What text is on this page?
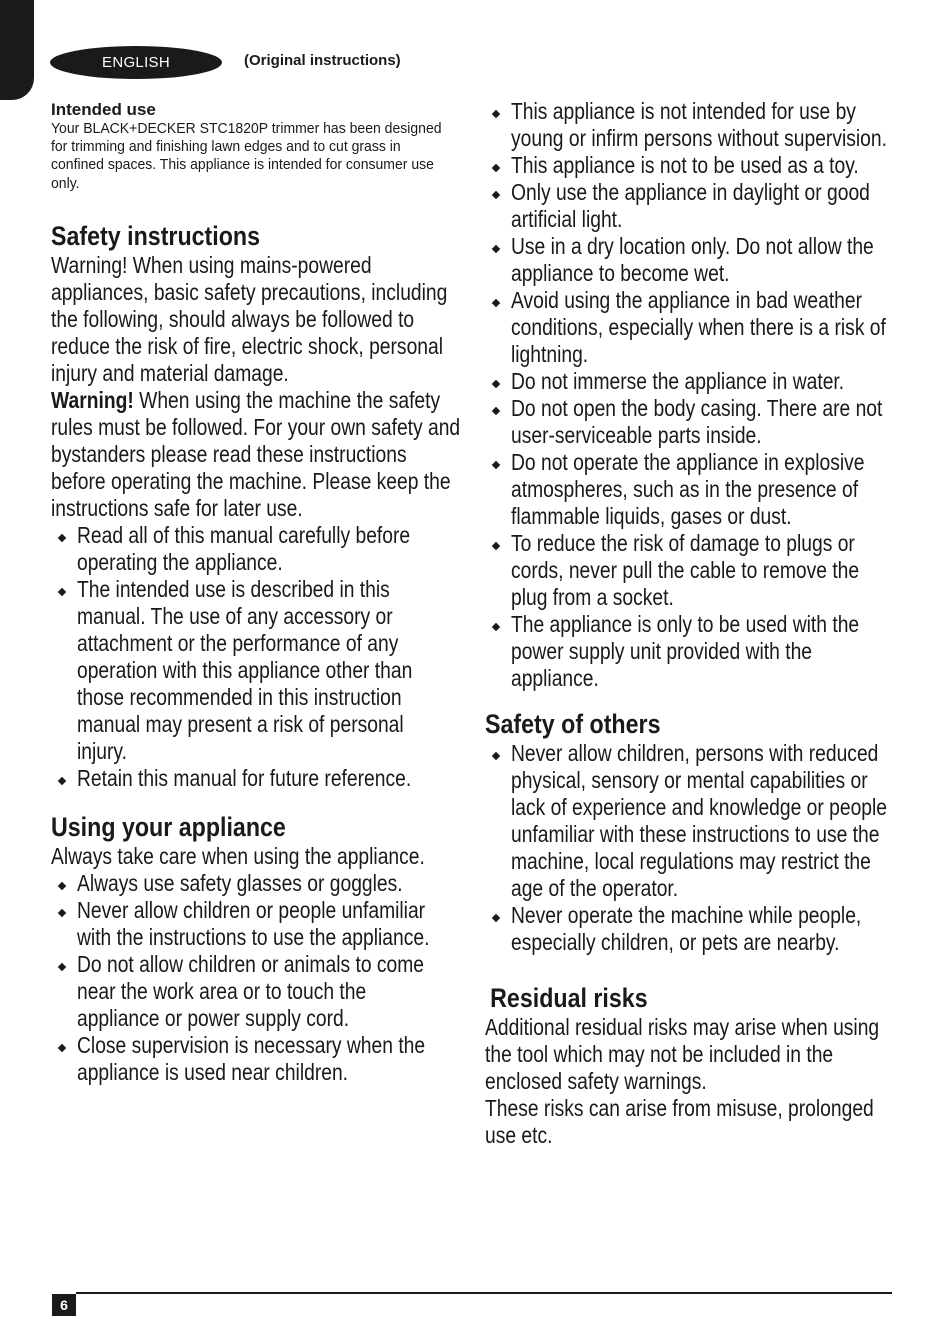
ENGLISH	(Original instructions)
Intended use
Your BLACK+DECKER STC1820P trimmer has been designed for trimming and finishing lawn edges and to cut grass in confined spaces. This appliance is intended for consumer use only.
Safety instructions
Warning! When using mains-powered appliances, basic safety precautions, including the following, should always be followed to reduce the risk of fire, electric shock, personal injury and material damage.
Warning! When using the machine the safety rules must be followed. For your own safety and bystanders please read these instructions before operating the machine. Please keep the instructions safe for later use.
Read all of this manual carefully before operating the appliance.
The intended use is described in this manual. The use of any accessory or attachment or the performance of any operation with this appliance other than those recommended in this instruction manual may present a risk of personal injury.
Retain this manual for future reference.
Using your appliance
Always take care when using the appliance.
Always use safety glasses or goggles.
Never allow children or people unfamiliar with the instructions to use the appliance.
Do not allow children or animals to come near the work area or to touch the appliance or power supply cord.
Close supervision is necessary when the appliance is used near children.
This appliance is not intended for use by young or infirm persons without supervision.
This appliance is not to be used as a toy.
Only use the appliance in daylight or good artificial light.
Use in a dry location only. Do not allow the appliance to become wet.
Avoid using the appliance in bad weather conditions, especially when there is a risk of lightning.
Do not immerse the appliance in water.
Do not open the body casing. There are not user-serviceable parts inside.
Do not operate the appliance in explosive atmospheres, such as in the presence of flammable liquids, gases or dust.
To reduce the risk of damage to plugs or cords, never pull the cable to remove the plug from a socket.
The appliance is only to be used with the power supply unit provided with the appliance.
Safety of others
Never allow children, persons with reduced physical, sensory or mental capabilities or lack of experience and knowledge or people unfamiliar with these instructions to use the machine, local regulations may restrict the age of the operator.
Never operate the machine while people, especially children, or pets are nearby.
Residual risks
Additional residual risks may arise when using the tool which may not be included in the enclosed safety warnings.
These risks can arise from misuse, prolonged use etc.
6
